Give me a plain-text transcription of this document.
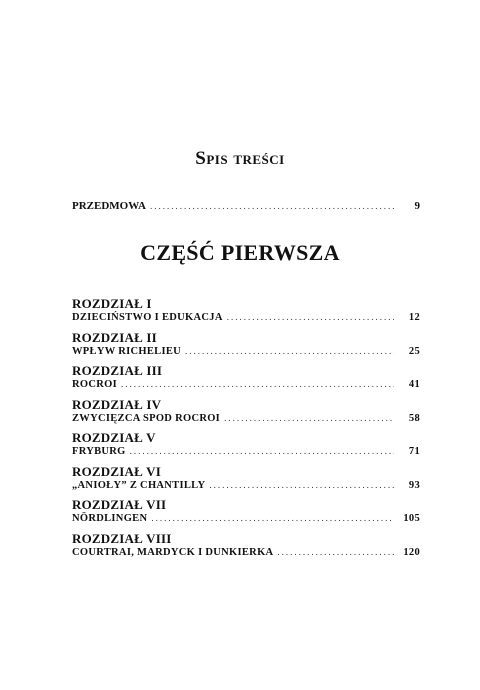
Spis treści
PRZEDMOWA .....	9
CZĘŚĆ PIERWSZA
ROZDZIAŁ I
DZIECIŃSTWO I EDUKACJA .....	12
ROZDZIAŁ II
WPŁYW RICHELIEU .....	25
ROZDZIAŁ III
ROCROI .....	41
ROZDZIAŁ IV
ZWYCIĘZCA SPOD ROCROI .....	58
ROZDZIAŁ V
FRYBURG .....	71
ROZDZIAŁ VI
„ANIOŁY” Z CHANTILLY .....	93
ROZDZIAŁ VII
NÖRDLINGEN .....	105
ROZDZIAŁ VIII
COURTRAI, MARDYCK I DUNKIERKA .....	120
